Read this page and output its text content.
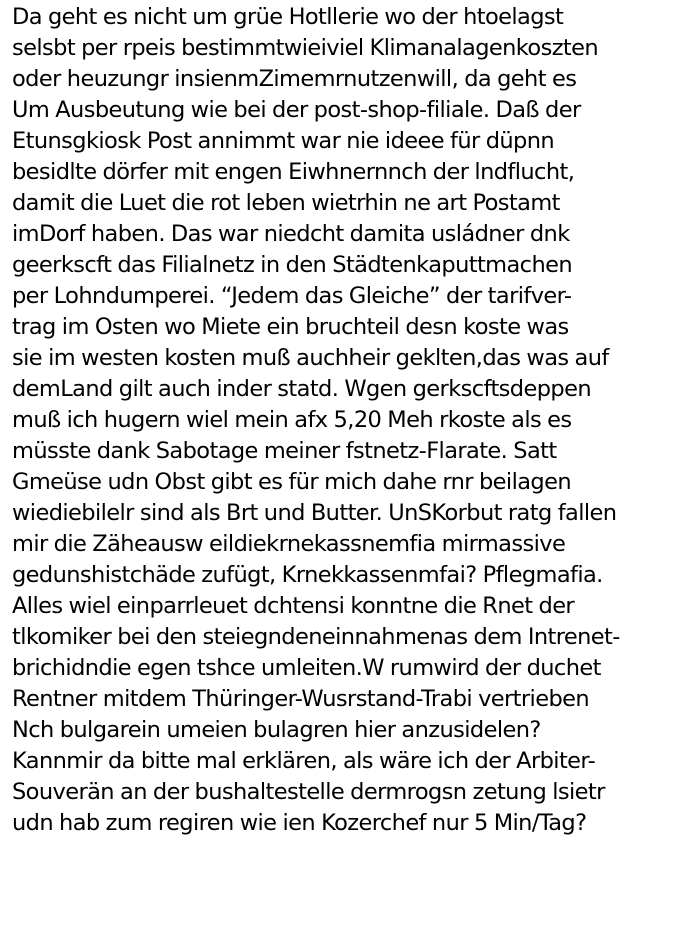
Da geht es nicht um grüe Hotllerie wo der htoelagst
selsbt per rpeis bestimmtwieiviel Klimanalagenkoszten
oder heuzungr insienmZimemrnutzenwill, da geht es
Um Ausbeutung wie bei der post-shop-filiale. Daß der
Etunsgkiosk Post annimmt war nie ideee für düpnn
besidlte dörfer mit engen Eiwhnernnch der lndflucht,
damit die Luet die rot leben wietrhin ne art Postamt
imDorf haben. Das war niedcht damita usládner dnk
geerkscft das Filialnetz in den Städtenkaputtmachen
per Lohndumperei. “Jedem das Gleiche” der tarifver-
trag im Osten wo Miete ein bruchteil desn koste was
sie im westen kosten muß auchheir geklten,das was auf
demLand gilt auch inder statd. Wgen gerkscftsdeppen
muß ich hugern wiel mein afx 5,20 Meh rkoste als es
müsste dank Sabotage meiner fstnetz-Flarate. Satt
Gmeüse udn Obst gibt es für mich dahe rnr beilagen
wiediebilelr sind als Brt und Butter. UnSKorbut ratg fallen
mir die Zäheausw eildiekrnekassnemfia mirmassive
gedunshistchäde zufügt, Krnekkassenmfai? Pflegmafia.
Alles wiel einparrleuet dchtensi konntne die Rnet der
tlkomiker bei den steiegndeneinnahmenas dem Intrenet-
brichidndie egen tshce umleiten.W rumwird der duchet
Rentner mitdem Thüringer-Wusrstand-Trabi vertrieben
Nch bulgarein umeien bulagren hier anzusidelen?
Kannmir da bitte mal erklären, als wäre ich der Arbiter-
Souverän an der bushaltestelle dermrogsn zetung lsietr
udn hab zum regiren wie ien Kozerchef nur 5 Min/Tag?
